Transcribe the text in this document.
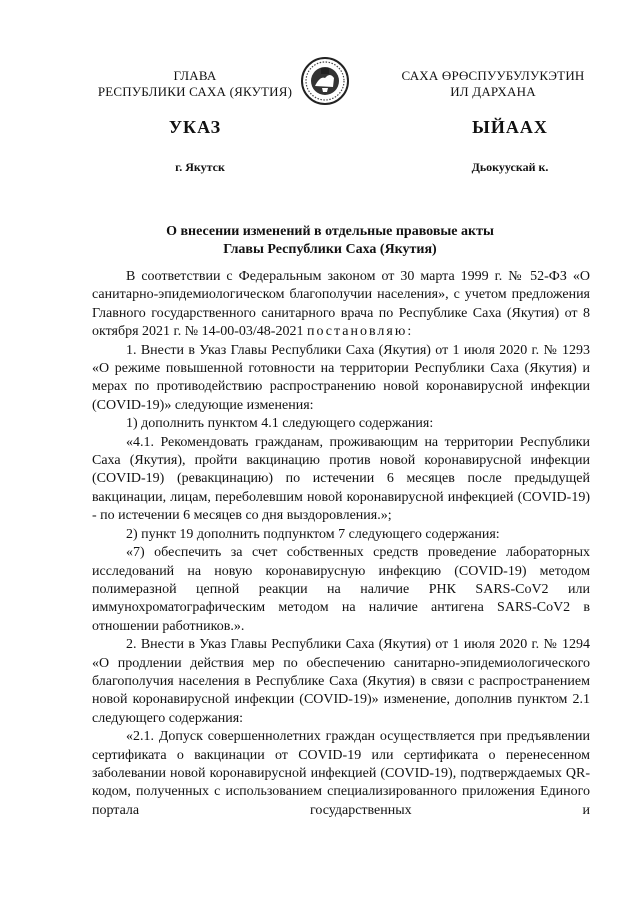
ГЛАВА
РЕСПУБЛИКИ САХА (ЯКУТИЯ)
САХА ӨРӨСПУУБУЛУКЭТИН
ИЛ ДАРХАНА
УКАЗ	ЫЙААХ
г. Якутск	Дьокуускай к.
О внесении изменений в отдельные правовые акты
Главы Республики Саха (Якутия)

В соответствии с Федеральным законом от 30 марта 1999 г. № 52-ФЗ «О санитарно-эпидемиологическом благополучии населения», с учетом предложения Главного государственного санитарного врача по Республике Саха (Якутия) от 8 октября 2021 г. № 14-00-03/48-2021 постановляю:

1. Внести в Указ Главы Республики Саха (Якутия) от 1 июля 2020 г. № 1293 «О режиме повышенной готовности на территории Республики Саха (Якутия) и мерах по противодействию распространению новой коронавирусной инфекции (COVID-19)» следующие изменения:

1) дополнить пунктом 4.1 следующего содержания:

«4.1. Рекомендовать гражданам, проживающим на территории Республики Саха (Якутия), пройти вакцинацию против новой коронавирусной инфекции (COVID-19) (ревакцинацию) по истечении 6 месяцев после предыдущей вакцинации, лицам, переболевшим новой коронавирусной инфекцией (COVID-19) - по истечении 6 месяцев со дня выздоровления.»;

2) пункт 19 дополнить подпунктом 7 следующего содержания:

«7) обеспечить за счет собственных средств проведение лабораторных исследований на новую коронавирусную инфекцию (COVID-19) методом полимеразной цепной реакции на наличие РНК SARS-CoV2 или иммунохроматографическим методом на наличие антигена SARS-CoV2 в отношении работников.».

2. Внести в Указ Главы Республики Саха (Якутия) от 1 июля 2020 г. № 1294 «О продлении действия мер по обеспечению санитарно-эпидемиологического благополучия населения в Республике Саха (Якутия) в связи с распространением новой коронавирусной инфекции (COVID-19)» изменение, дополнив пунктом 2.1 следующего содержания:

«2.1. Допуск совершеннолетних граждан осуществляется при предъявлении сертификата о вакцинации от COVID-19 или сертификата о перенесенном заболевании новой коронавирусной инфекцией (COVID-19), подтверждаемых QR-кодом, полученных с использованием специализированного приложения Единого портала государственных и
